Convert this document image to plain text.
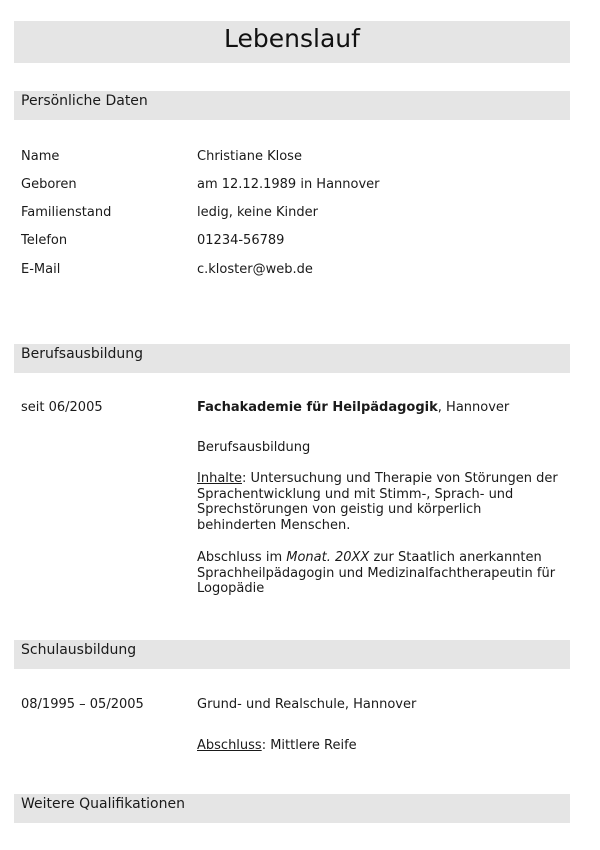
Lebenslauf
Persönliche Daten
Name	Christiane Klose
Geboren	am 12.12.1989 in Hannover
Familienstand	ledig, keine Kinder
Telefon	01234-56789
E-Mail	c.kloster@web.de
Berufsausbildung
seit 06/2005	Fachakademie für Heilpädagogik, Hannover
Berufsausbildung
Inhalte: Untersuchung und Therapie von Störungen der Sprachentwicklung und mit Stimm-, Sprach- und Sprechstörungen von geistig und körperlich behinderten Menschen.
Abschluss im Monat. 20XX zur Staatlich anerkannten Sprachheilpädagogin und Medizinalfachtherapeutin für Logopädie
Schulausbildung
08/1995 – 05/2005	Grund- und Realschule, Hannover
Abschluss: Mittlere Reife
Weitere Qualifikationen
